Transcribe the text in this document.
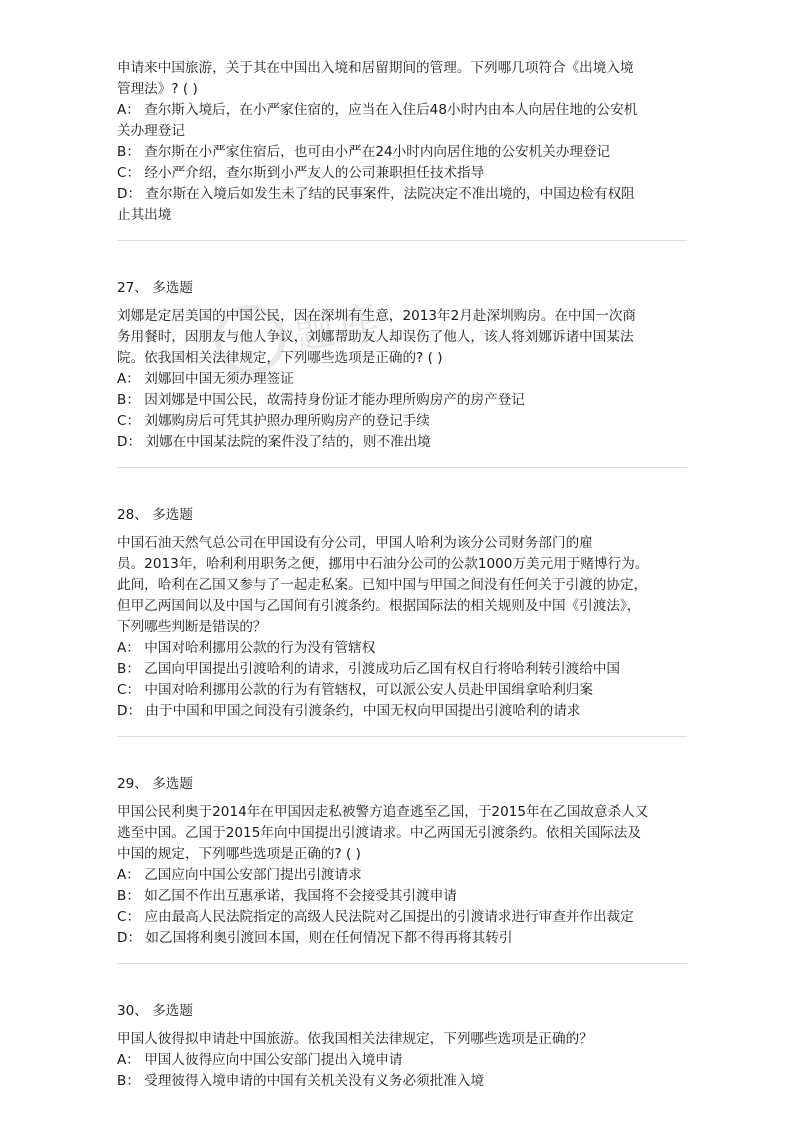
题库
申请来中国旅游，关于其在中国出入境和居留期间的管理。下列哪几项符合《出境入境
管理法》? ( )
A： 查尔斯入境后，在小严家住宿的，应当在入住后48小时内由本人向居住地的公安机
关办理登记
B： 查尔斯在小严家住宿后，也可由小严在24小时内向居住地的公安机关办理登记
C： 经小严介绍，查尔斯到小严友人的公司兼职担任技术指导
D： 查尔斯在入境后如发生未了结的民事案件，法院决定不准出境的，中国边检有权阻
止其出境
27、 多选题
刘娜是定居美国的中国公民，因在深圳有生意，2013年2月赴深圳购房。在中国一次商
务用餐时，因朋友与他人争议，刘娜帮助友人却误伤了他人，该人将刘娜诉诸中国某法
院。依我国相关法律规定，下列哪些选项是正确的? ( )
A： 刘娜回中国无须办理签证
B： 因刘娜是中国公民，故需持身份证才能办理所购房产的房产登记
C： 刘娜购房后可凭其护照办理所购房产的登记手续
D： 刘娜在中国某法院的案件没了结的，则不准出境
28、 多选题
中国石油天然气总公司在甲国设有分公司，甲国人哈利为该分公司财务部门的雇
员。2013年，哈利利用职务之便，挪用中石油分公司的公款1000万美元用于赌博行为。
此间，哈利在乙国又参与了一起走私案。已知中国与甲国之间没有任何关于引渡的协定，
但甲乙两国间以及中国与乙国间有引渡条约。根据国际法的相关规则及中国《引渡法》，
下列哪些判断是错误的？
A： 中国对哈利挪用公款的行为没有管辖权
B： 乙国向甲国提出引渡哈利的请求，引渡成功后乙国有权自行将哈利转引渡给中国
C： 中国对哈利挪用公款的行为有管辖权，可以派公安人员赴甲国缉拿哈利归案
D： 由于中国和甲国之间没有引渡条约，中国无权向甲国提出引渡哈利的请求
29、 多选题
甲国公民利奥于2014年在甲国因走私被警方追查逃至乙国，于2015年在乙国故意杀人又
逃至中国。乙国于2015年向中国提出引渡请求。中乙两国无引渡条约。依相关国际法及
中国的规定，下列哪些选项是正确的? ( )
A： 乙国应向中国公安部门提出引渡请求
B： 如乙国不作出互惠承诺，我国将不会接受其引渡申请
C： 应由最高人民法院指定的高级人民法院对乙国提出的引渡请求进行审查并作出裁定
D： 如乙国将利奥引渡回本国，则在任何情况下都不得再将其转引
30、 多选题
甲国人彼得拟申请赴中国旅游。依我国相关法律规定，下列哪些选项是正确的？
A： 甲国人彼得应向中国公安部门提出入境申请
B： 受理彼得入境申请的中国有关机关没有义务必须批准入境
